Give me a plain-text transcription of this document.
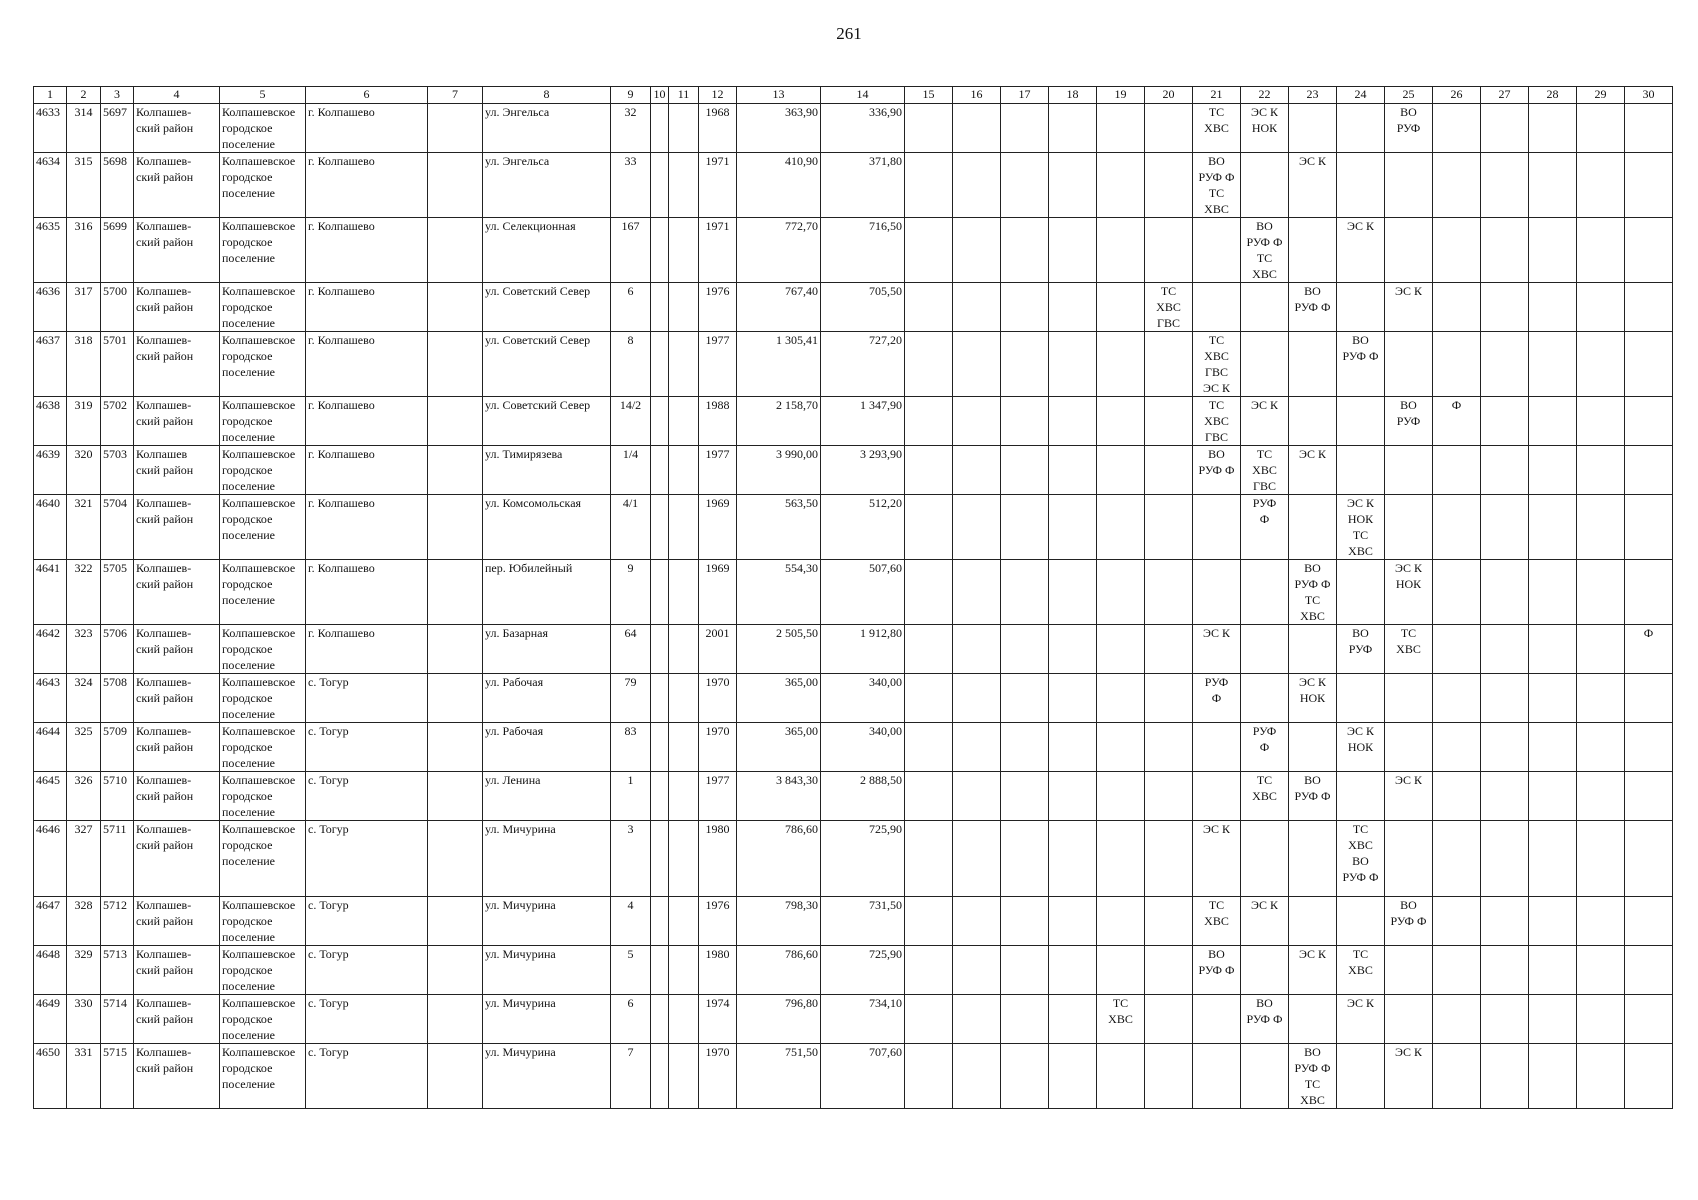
261
1	2	3	4	5	6	7	8	9	10	11	12	13	14	15	16	17	18	19	20	21	22	23	24	25	26	27	28	29	30
4633	314	5697	Колпашев-
ский район	Колпашевское
городское
поселение	г. Колпашево		ул. Энгельса	32			1968	363,90	336,90							ТС
ХВС	ЭС К
НОК			ВО
РУФ					

4634	315	5698	Колпашев-
ский район	Колпашевское
городское
поселение	г. Колпашево		ул. Энгельса	33			1971	410,90	371,80							ВО
РУФ Ф
ТС
ХВС		ЭС К							

4635	316	5699	Колпашев-
ский район	Колпашевское
городское
поселение	г. Колпашево		ул. Селекционная	167			1971	772,70	716,50								ВО
РУФ Ф
ТС
ХВС		ЭС К						

4636	317	5700	Колпашев-
ский район	Колпашевское
городское
поселение	г. Колпашево		ул. Советский Север	6			1976	767,40	705,50						ТС
ХВС
ГВС			ВО
РУФ Ф		ЭС К					

4637	318	5701	Колпашев-
ский район	Колпашевское
городское
поселение	г. Колпашево		ул. Советский Север	8			1977	1 305,41	727,20							ТС
ХВС
ГВС
ЭС К			ВО
РУФ Ф						

4638	319	5702	Колпашев-
ский район	Колпашевское
городское
поселение	г. Колпашево		ул. Советский Север	14/2			1988	2 158,70	1 347,90							ТС
ХВС
ГВС	ЭС К			ВО
РУФ	Ф				

4639	320	5703	Колпашев
ский район	Колпашевское
городское
поселение	г. Колпашево		ул. Тимирязева	1/4			1977	3 990,00	3 293,90							ВО
РУФ Ф	ТС
ХВС
ГВС	ЭС К							

4640	321	5704	Колпашев-
ский район	Колпашевское
городское
поселение	г. Колпашево		ул. Комсомольская	4/1			1969	563,50	512,20								РУФ
Ф		ЭС К
НОК
ТС
ХВС						

4641	322	5705	Колпашев-
ский район	Колпашевское
городское
поселение	г. Колпашево		пер. Юбилейный	9			1969	554,30	507,60									ВО
РУФ Ф
ТС
ХВС		ЭС К
НОК					

4642	323	5706	Колпашев-
ский район	Колпашевское
городское
поселение	г. Колпашево		ул. Базарная	64			2001	2 505,50	1 912,80							ЭС К			ВО
РУФ	ТС
ХВС					Ф

4643	324	5708	Колпашев-
ский район	Колпашевское
городское
поселение	с. Тогур		ул. Рабочая	79			1970	365,00	340,00							РУФ
Ф		ЭС К
НОК							

4644	325	5709	Колпашев-
ский район	Колпашевское
городское
поселение	с. Тогур		ул. Рабочая	83			1970	365,00	340,00								РУФ
Ф		ЭС К
НОК						

4645	326	5710	Колпашев-
ский район	Колпашевское
городское
поселение	с. Тогур		ул. Ленина	1			1977	3 843,30	2 888,50								ТС
ХВС	ВО
РУФ Ф		ЭС К					

4646	327	5711	Колпашев-
ский район	Колпашевское
городское
поселение	с. Тогур		ул. Мичурина	3			1980	786,60	725,90							ЭС К			ТС
ХВС
ВО
РУФ Ф						

4647	328	5712	Колпашев-
ский район	Колпашевское
городское
поселение	с. Тогур		ул. Мичурина	4			1976	798,30	731,50							ТС
ХВС	ЭС К			ВО
РУФ Ф					

4648	329	5713	Колпашев-
ский район	Колпашевское
городское
поселение	с. Тогур		ул. Мичурина	5			1980	786,60	725,90							ВО
РУФ Ф		ЭС К	ТС
ХВС						

4649	330	5714	Колпашев-
ский район	Колпашевское
городское
поселение	с. Тогур		ул. Мичурина	6			1974	796,80	734,10					ТС
ХВС			ВО
РУФ Ф		ЭС К						

4650	331	5715	Колпашев-
ский район	Колпашевское
городское
поселение	с. Тогур		ул. Мичурина	7			1970	751,50	707,60									ВО
РУФ Ф
ТС
ХВС		ЭС К					
